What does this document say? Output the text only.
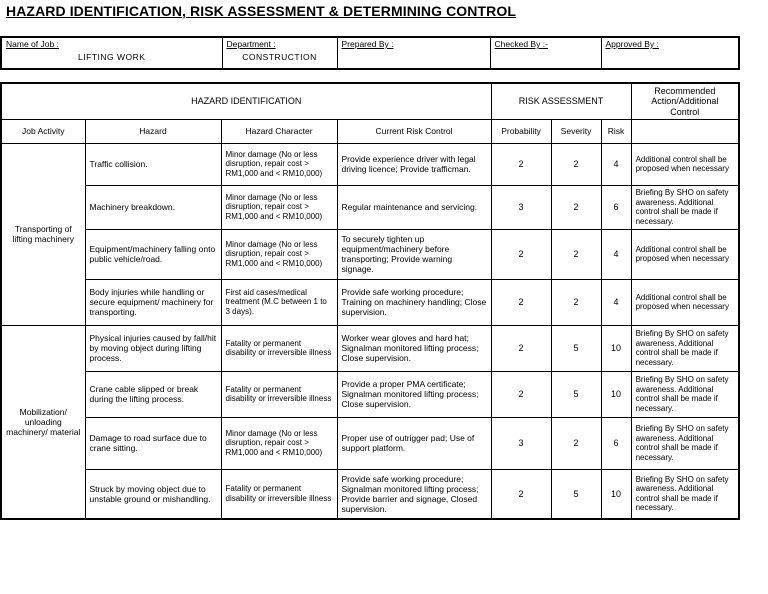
HAZARD IDENTIFICATION, RISK ASSESSMENT & DETERMINING CONTROL
Name of Job :
LIFTING WORK

Department :
CONSTRUCTION

Prepared By :	Checked By :-	Approved By :
HAZARD IDENTIFICATION				RISK ASSESSMENT			Recommended Action/Additional Control
Job Activity	Hazard	Hazard Character	Current Risk Control	Probability	Severity	Risk	
Transporting of lifting machinery	Traffic collision.	Minor damage (No or less disruption, repair cost > RM1,000 and < RM10,000)	Provide experience driver with legal driving licence; Provide trafficman.	2	2	4	Additional control shall be proposed when necessary
	Machinery breakdown.	Minor damage (No or less disruption, repair cost > RM1,000 and < RM10,000)	Regular maintenance and servicing.	3	2	6	Briefing By SHO on safety awareness. Additional control shall be made if necessary.
	Equipment/machinery falling onto public vehicle/road.	Minor damage (No or less disruption, repair cost > RM1,000 and < RM10,000)	To securely tighten up equipment/machinery before transporting; Provide warning signage.	2	2	4	Additional control shall be proposed when necessary
	Body injuries while handling or secure equipment/ machinery for transporting.	First aid cases/medical treatment (M.C between 1 to 3 days).	Provide safe working procedure; Training on machinery handling; Close supervision.	2	2	4	Additional control shall be proposed when necessary
Mobilization/ unloading machinery/ material	Physical injuries caused by fall/hit by moving object during lifting process.	Fatality or permanent disability or irreversible illness	Worker wear gloves and hard hat; Signalman monitored lifting process; Close supervision.	2	5	10	Briefing By SHO on safety awareness. Additional control shall be made if necessary.
	Crane cable slipped or break during the lifting process.	Fatality or permanent disability or irreversible illness	Provide a proper PMA certificate; Signalman monitored lifting process; Close supervision.	2	5	10	Briefing By SHO on safety awareness. Additional control shall be made if necessary.
	Damage to road surface due to crane sitting.	Minor damage (No or less disruption, repair cost > RM1,000 and < RM10,000)	Proper use of outrigger pad; Use of support platform.	3	2	6	Briefing By SHO on safety awareness. Additional control shall be made if necessary.
	Struck by moving object due to unstable ground or mishandling.	Fatality or permanent disability or irreversible illness	Provide safe working procedure; Signalman monitored lifting process; Provide barrier and signage, Closed supervision.	2	5	10	Briefing By SHO on safety awareness. Additional control shall be made if necessary.
